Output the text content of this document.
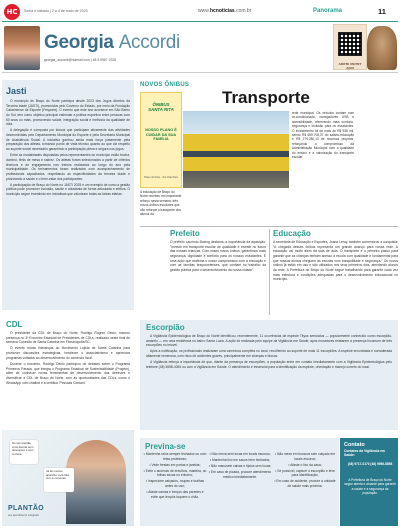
HC	Sexta e sábado | 2 a 4 de maio de 2025	www.hcnoticias.com.br	Panorama	11
Georgia Accordi
georgia_accordi@hotmail.com | 48 9 9967 2325
ADOTE UM PET AQUI
Jasti

O município de Braço do Norte participa desde 2023 dos Jogos Abertos da Terceira Idade (JASTI), promovidos pelo Governo do Estado, por meio da Fundação Catarinense de Esporte (Fesporte). O evento que este ano acontece em São Bento do Sul, tem como objetivo principal estimular a prática esportiva entre pessoas com 60 anos ou mais, promovendo saúde, integração social e melhoria da qualidade de vida.

A delegação é composta por idosos que participam ativamente das atividades desenvolvidas pelo Departamento Municipal do Esporte e pela Secretaria Municipal de Assistência Social. A iniciativa ganhou ainda mais força justamente pela preparação dos atletas, tornando ponto de vista técnico quanto ao que diz respeito ao suporte social necessário garantindo a participação plena e segura nos jogos.

Entre as modalidades disputadas pelos representantes do município estão bocha, dominó, tênis de mesa e xadrez. Os atletas foram selecionados a partir de critérios técnicos e de engajamento nos treinos realizados ao longo do ano pela municipalidade. Os treinamentos foram realizados com acompanhamento de profissionais capacitados, respeitando as especificidades da terceira idade e priorizando a saúde e o bem-estar dos participantes.

A participação de Braço do Norte no JASTI 2025 é um exemplo de como a gestão pública pode promover inclusão, saúde e cidadania de forma articulada e efetiva. O município segue investindo em iniciativas que valorizam todas as faixas etárias.

NOVOS ÔNIBUS
Transporte
ÔNIBUS SANTA RITA
NOSSO PLANO É CUIDAR DA SUA FAMÍLIA
Braço do Norte · Sul Grão-Pará
A educação de Braço do Norte recebeu em importante reforço nesta semana: três novos ônibus escolares que vão reforçar o transporte dos alunos da
rede municipal. Os veículos contam com ar-condicionado, carregadores USB e acessibilidade, oferecendo mais conforto, segurança e inclusão para os estudantes. O investimento foi de mais de R$ 938 mil, sendo R$ 659.708,37 do salário-educação e R$ 279.280,13 de recursos próprios, reforçando o compromisso da Administração Municipal com a qualidade do ensino e a valorização do transporte escolar.
Prefeito
O prefeito Laurindo Boeing destacou a importância da aquisição: "Investir em transporte escolar de qualidade é investir no futuro das nossas crianças. Com esses novos ônibus, garantimos mais segurança, dignidade e conforto para os nossos estudantes. É uma ação que reafirma o nosso compromisso com a educação e com as famílias braçonortenses, que confiam no trabalho da gestão pública para o desenvolvimento da nossa cidade".
Educação
A secretária de Educação e Esportes, Joana Leroy, também comemorou a conquista: "A chegada desses ônibus representa um grande avanço para nossa rede. A educação vai muito além da sala de aula. O transporte é o primeiro passo para garantir que as crianças tenham acesso à escola com qualidade e fundamental para que nossos alunos cheguem às escolas com tranquilidade e segurança." Os novos ônibus já estão em uso e são utilizados nos seus primeiros dias, atendendo alunos da rede. A Prefeitura de Braço do Norte segue trabalhando para garantir cada vez mais estrutura e condições adequadas para o desenvolvimento educacional no município.
CDL

O presidente da CDL de Braço do Norte, Rodrigo Rogner Décio, marcou presença no 3º Encontro Estadual de Presidentes de CDLs, realizado neste final de semana Conexão de Santa Catarina em Florianópolis/SC.

O evento reuniu lideranças do Movimento Lojista de Santa Catarina para promover discussões estratégicas, fortalecer o associativismo e aprimorar programas voltados ao desenvolvimento do comércio local.

Durante o encontro, Rodrigo Décio participou de debates sobre o Programa Primeiros Passos, que integra o Programa Estadual de Sustentabilidade (Progem), além de conhecer novas ferramentas de desenvolvimento das diretrizes e diversificar a CDL de Braço do Norte, com as oportunidades das CDLs, como o WhatsApp com chatbot e a certifica ‘Pessoas Contam’.

Escorpião

A Vigilância Epidemiológica de Braço do Norte identificou, recentemente, 11 ocorrências de espécie Tityus serrulatus — popularmente conhecido como escorpião-amarelo — em uma residência no bairro Santa Luzia. A ação foi realizada pelo equipe da Vigilância em Saúde, após moradores relatarem a presença incomum de três escorpiões no imóvel.

Após a notificação, os profissionais realizaram uma varredura completa no local, recolhendo ao suporte de mais 11 escorpiões. A espécie encontrada é considerada altamente venenosa, com risco de acidentes graves, principalmente em crianças e idosos.

A Vigilância reforça a importância de que, diante da presença de escorpiões, a população entre em contato imediatamente com a Vigilância Epidemiológica pelo telefone (48) 3658-4054 ou com a Vigilância em Saúde. O atendimento é essencial para a identificação da espécie, orientação e manejo correto do local.

No seu plantão, você atende sem desespero e sem correria.
Já do mesmo aparelho você fala com a conversa.
PLANTÃO
seu atendimento integrado
Previna-se

• Mantenha ralos sempre fechados ou com telas protetoras;

• Vede frestas em portas e janelas;

• Evite o acúmulo de entulhos, madeira, ou folhas secas no entorno;

• Inspecione calçados, roupas e toalhas antes do uso;

• Afaste camas e berços das paredes e evite que lençóis toquem o chão.

• Não mexa sem luvas em locais escuros;

• Mantenha lixo em sacos bem fechados;

• Não manuseie caixas e tijolos sem luvas;

• Em caso de picada, procure atendimento médico imediatamente.

• Não mexa em buracos sem calçado em locais escuros;

• Afaste o lixo da casa;

• Se possível, capture o escorpião e leve para identificação;

• Em caso de acidente, procure a unidade de saúde mais próxima.

Contato
Contatos da Vigilância em Saúde:
(48) 9717-0170 (48) 9956-8898
A Prefeitura de Braço do Norte segue atenta e atuante para garantir a saúde e a segurança da população.
